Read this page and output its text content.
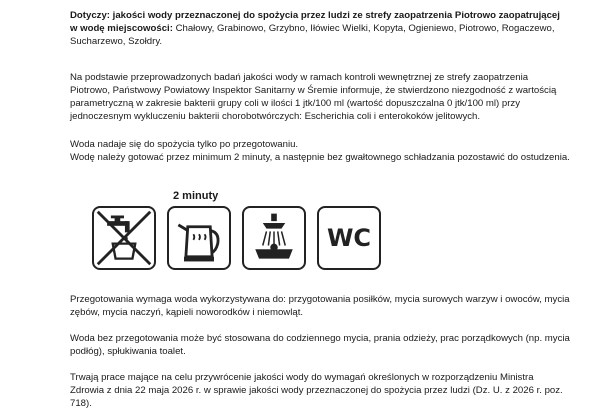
Dotyczy: jakości wody przeznaczonej do spożycia przez ludzi ze strefy zaopatrzenia Piotrowo zaopatrującej w wodę miejscowości: Chałowy, Grabinowo, Grzybno, Iłówiec Wielki, Kopyta, Ogieniewo, Piotrowo, Rogaczewo, Sucharzewo, Szołdry.

Na podstawie przeprowadzonych badań jakości wody w ramach kontroli wewnętrznej ze strefy zaopatrzenia Piotrowo, Państwowy Powiatowy Inspektor Sanitarny w Śremie informuje, że stwierdzono niezgodność z wartością parametryczną w zakresie bakterii grupy coli w ilości 1 jtk/100 ml (wartość dopuszczalna 0 jtk/100 ml) przy jednoczesnym wykluczeniu bakterii chorobotwórczych: Escherichia coli i enterokoków jelitowych.

Woda nadaje się do spożycia tylko po przegotowaniu.

Wodę należy gotować przez minimum 2 minuty, a następnie bez gwałtownego schładzania pozostawić do ostudzenia.

2 minuty
WC

Przegotowania wymaga woda wykorzystywana do: przygotowania posiłków, mycia surowych warzyw i owoców, mycia zębów, mycia naczyń, kąpieli noworodków i niemowląt.

Woda bez przegotowania może być stosowana do codziennego mycia, prania odzieży, prac porządkowych (np. mycia podłóg), spłukiwania toalet.

Trwają prace mające na celu przywrócenie jakości wody do wymagań określonych w rozporządzeniu Ministra Zdrowia z dnia 22 maja 2026 r. w sprawie jakości wody przeznaczonej do spożycia przez ludzi (Dz. U. z 2026 r. poz. 718).
